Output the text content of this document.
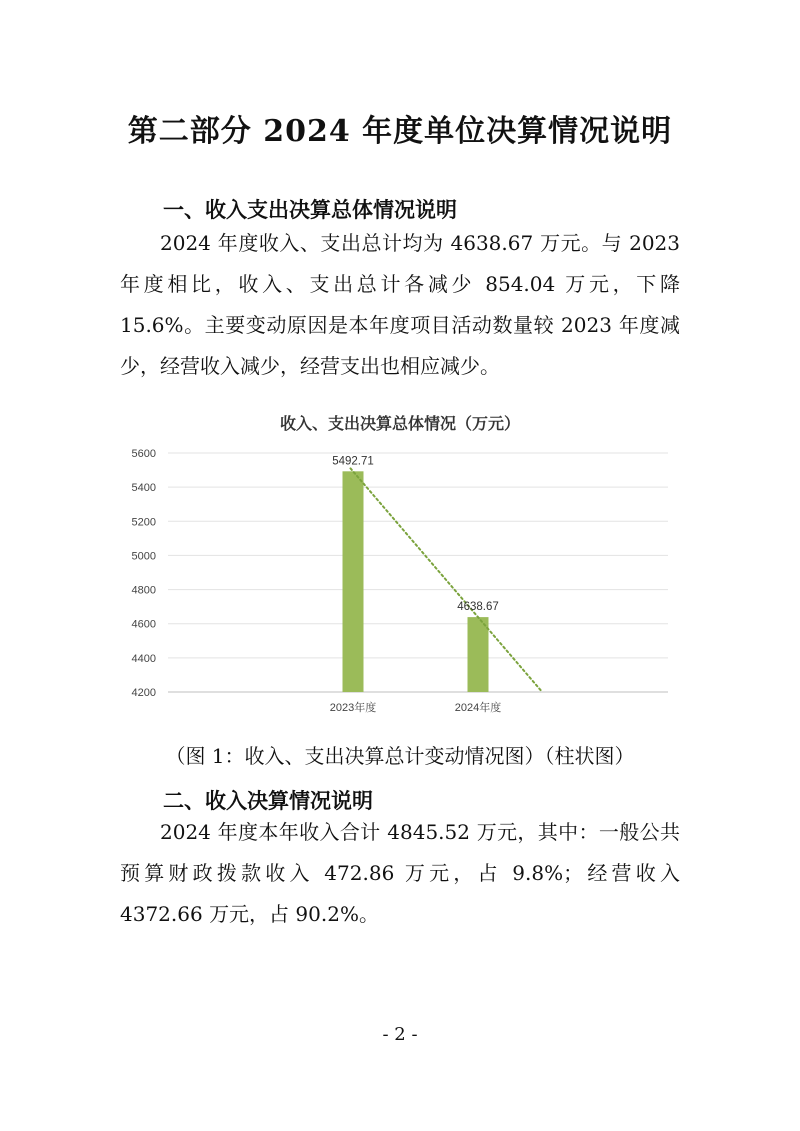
第二部分 2024 年度单位决算情况说明
一、收入支出决算总体情况说明

2024 年度收入、支出总计均为 4638.67 万元。与 2023 年度相比，收入、支出总计各减少 854.04 万元，下降 15.6%。主要变动原因是本年度项目活动数量较 2023 年度减少，经营收入减少，经营支出也相应减少。

收入、支出决算总体情况（万元）
4200
4400
4600
4800
5000
5200
5400
5600
5492.71
2023年度
4638.67
2024年度

（图 1：收入、支出决算总计变动情况图）（柱状图）

二、收入决算情况说明

2024 年度本年收入合计 4845.52 万元，其中：一般公共预算财政拨款收入 472.86 万元，占 9.8%；经营收入 4372.66 万元，占 90.2%。

- 2 -
